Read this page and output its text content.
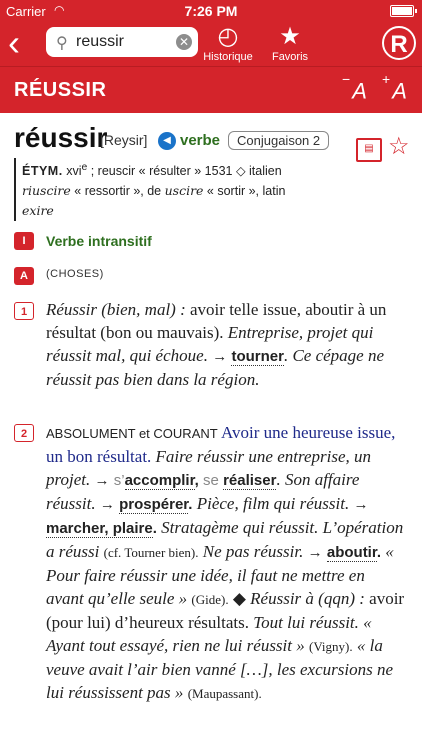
Carrier ◠	7:26 PM
‹	⚲ reussir	✕	◴
Historique
★
Favoris	R
RÉUSSIR	−A +A
réussir
[Reysir]	◀ verbe	Conjugaison 2
▤ ☆
ÉTYM. xvi$^e$ ; reuscir « résulter » 1531 ◇ italien
riuscire « ressortir », de uscire « sortir », latin
exire
I	Verbe intransitif
A	(CHOSES)
1	Réussir (bien, mal) : avoir telle issue, aboutir à un résultat (bon ou mauvais). Entreprise, projet qui réussit mal, qui échoue. → tourner. Ce cépage ne réussit pas bien dans la région.
2	ABSOLUMENT et COURANT Avoir une heureuse issue, un bon résultat. Faire réussir une entreprise, un projet. → s’accomplir, se réaliser. Son affaire réussit. → prospérer. Pièce, film qui réussit. → marcher, plaire. Stratagème qui réussit. L’opération a réussi (cf. Tourner bien). Ne pas réussir. → aboutir. « Pour faire réussir une idée, il faut ne mettre en avant qu’elle seule » (Gide). ◆ Réussir à (qqn) : avoir (pour lui) d’heureux résultats. Tout lui réussit. « Ayant tout essayé, rien ne lui réussit » (Vigny). « la veuve avait l’air bien vanné […], les excursions ne lui réussissent pas » (Maupassant).
